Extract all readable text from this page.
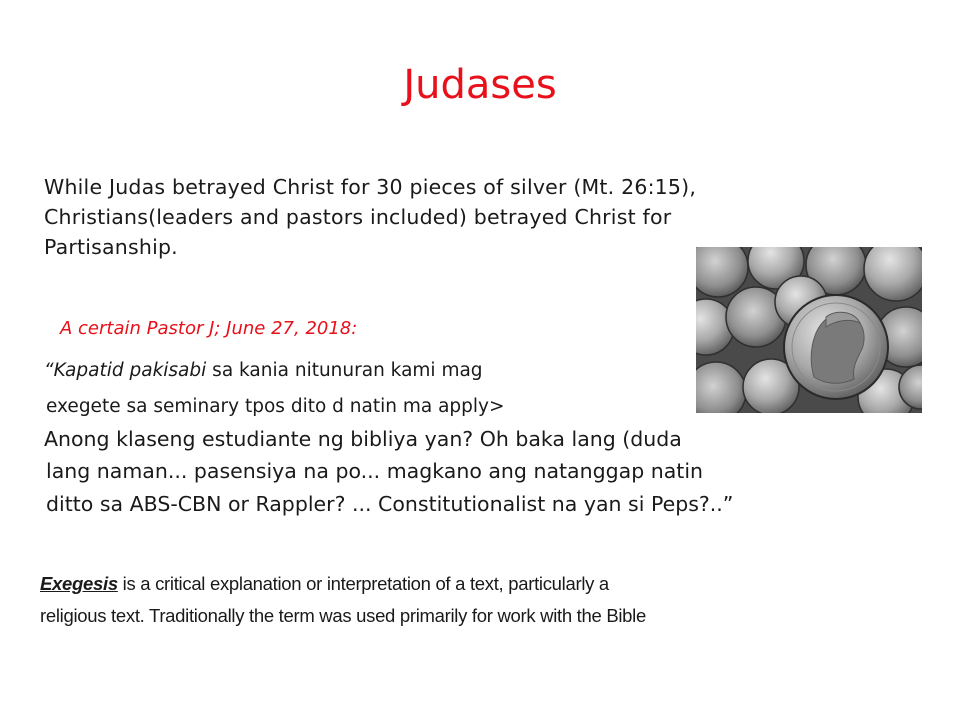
Judases
While Judas betrayed Christ for 30 pieces of silver (Mt. 26:15),
Christians(leaders and pastors included) betrayed Christ for
Partisanship.
A certain Pastor J; June 27, 2018:
“Kapatid pakisabi sa kania nitunuran kami mag
exegete sa seminary tpos dito d natin ma apply>
Anong klaseng estudiante ng bibliya yan? Oh baka lang (duda
lang naman... pasensiya na po... magkano ang natanggap natin
ditto sa ABS-CBN or Rappler? ... Constitutionalist na yan si Peps?..”
Exegesis is a critical explanation or interpretation of a text, particularly a
religious text. Traditionally the term was used primarily for work with the Bible
